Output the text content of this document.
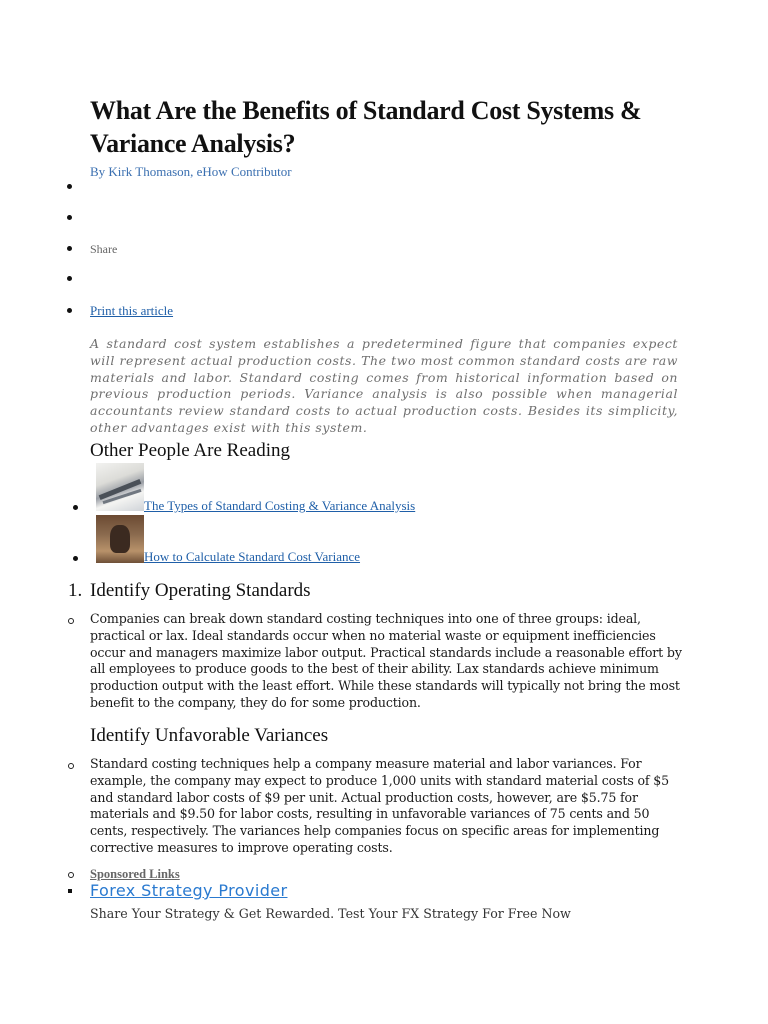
What Are the Benefits of Standard Cost Systems & Variance Analysis?
By Kirk Thomason, eHow Contributor
Share
Print this article

A standard cost system establishes a predetermined figure that companies expect will represent actual production costs. The two most common standard costs are raw materials and labor. Standard costing comes from historical information based on previous production periods. Variance analysis is also possible when managerial accountants review standard costs to actual production costs. Besides its simplicity, other advantages exist with this system.

Other People Are Reading
The Types of Standard Costing & Variance Analysis
How to Calculate Standard Cost Variance
1. Identify Operating Standards

Companies can break down standard costing techniques into one of three groups: ideal, practical or lax. Ideal standards occur when no material waste or equipment inefficiencies occur and managers maximize labor output. Practical standards include a reasonable effort by all employees to produce goods to the best of their ability. Lax standards achieve minimum production output with the least effort. While these standards will typically not bring the most benefit to the company, they do for some production.

Identify Unfavorable Variances

Standard costing techniques help a company measure material and labor variances. For example, the company may expect to produce 1,000 units with standard material costs of $5 and standard labor costs of $9 per unit. Actual production costs, however, are $5.75 for materials and $9.50 for labor costs, resulting in unfavorable variances of 75 cents and 50 cents, respectively. The variances help companies focus on specific areas for implementing corrective measures to improve operating costs.

Sponsored Links
Forex Strategy Provider
Share Your Strategy & Get Rewarded. Test Your FX Strategy For Free Now
